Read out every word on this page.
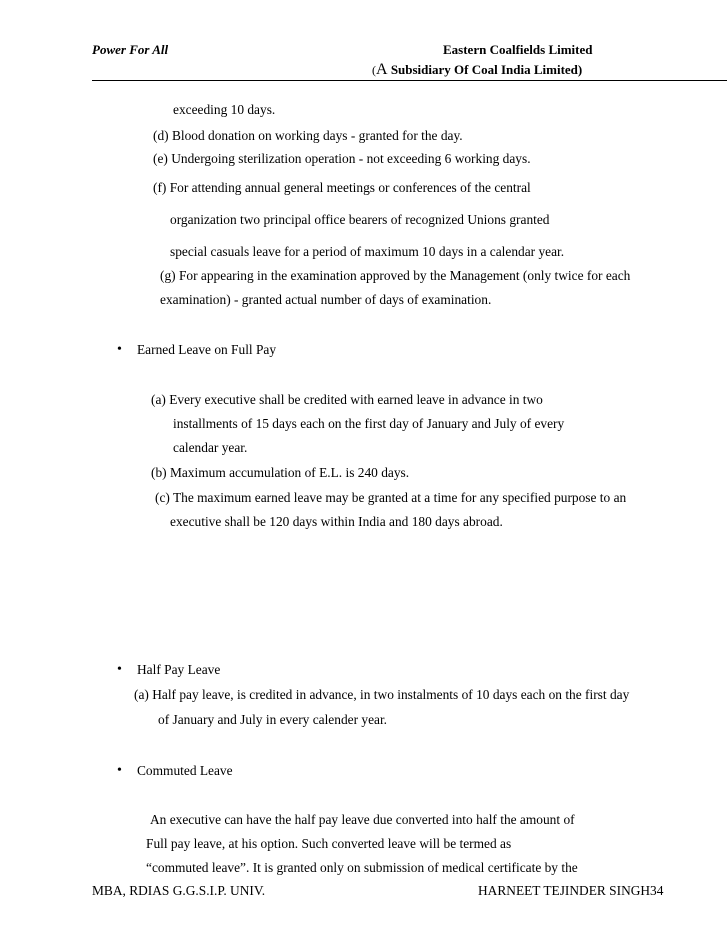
Power For All	Eastern Coalfields Limited
(A Subsidiary Of Coal India Limited)
exceeding 10 days.
(d) Blood donation on working days - granted for the day.
(e) Undergoing sterilization operation - not exceeding 6 working days.
(f) For attending annual general meetings or conferences of the central
organization two principal office bearers of recognized Unions granted
special casuals leave for a period of maximum 10 days in a calendar year.
(g) For appearing in the examination approved by the Management (only twice for each
examination) - granted actual number of days of examination.
• Earned Leave on Full Pay
(a) Every executive shall be credited with earned leave in advance in two
installments of 15 days each on the first day of January and July of every
calendar year.
(b) Maximum accumulation of E.L. is 240 days.
(c) The maximum earned leave may be granted at a time for any specified purpose to an
executive shall be 120 days within India and 180 days abroad.
• Half Pay Leave
(a) Half pay leave, is credited in advance, in two instalments of 10 days each on the first day
of January and July in every calender year.
• Commuted Leave
An executive can have the half pay leave due converted into half the amount of
Full pay leave, at his option. Such converted leave will be termed as
“commuted leave”. It is granted only on submission of medical certificate by the
MBA, RDIAS G.G.S.I.P. UNIV.	HARNEET TEJINDER SINGH 34
